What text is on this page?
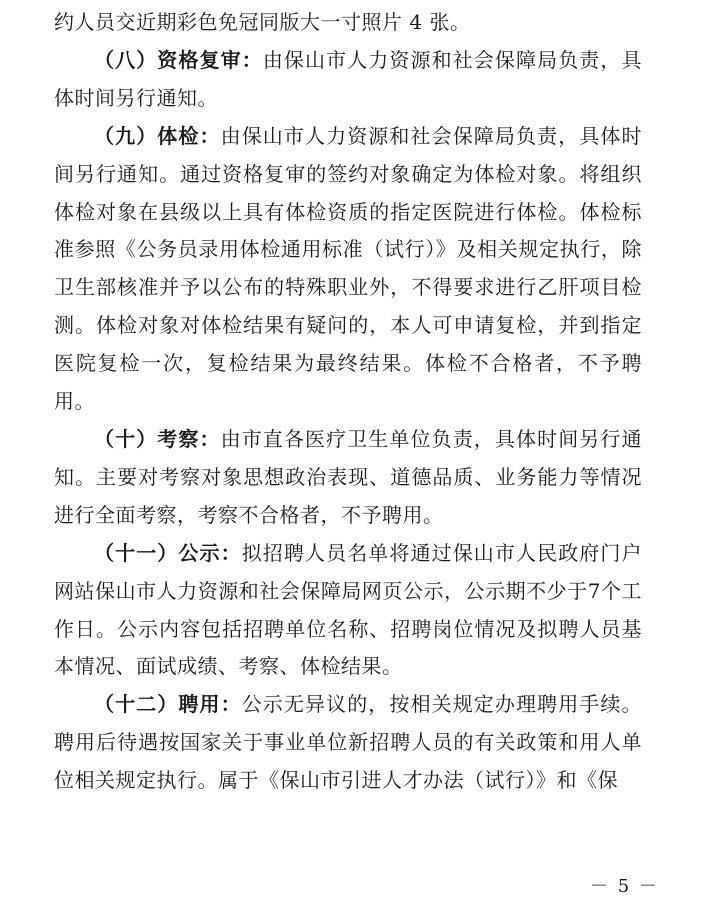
约人员交近期彩色免冠同版大一寸照片 4 张。

（八）资格复审：由保山市人力资源和社会保障局负责，具体时间另行通知。

（九）体检：由保山市人力资源和社会保障局负责，具体时间另行通知。通过资格复审的签约对象确定为体检对象。将组织体检对象在县级以上具有体检资质的指定医院进行体检。体检标准参照《公务员录用体检通用标准（试行）》及相关规定执行，除卫生部核准并予以公布的特殊职业外，不得要求进行乙肝项目检测。体检对象对体检结果有疑问的，本人可申请复检，并到指定医院复检一次，复检结果为最终结果。体检不合格者，不予聘用。

（十）考察：由市直各医疗卫生单位负责，具体时间另行通知。主要对考察对象思想政治表现、道德品质、业务能力等情况进行全面考察，考察不合格者，不予聘用。

（十一）公示：拟招聘人员名单将通过保山市人民政府门户网站保山市人力资源和社会保障局网页公示，公示期不少于7个工作日。公示内容包括招聘单位名称、招聘岗位情况及拟聘人员基本情况、面试成绩、考察、体检结果。

（十二）聘用：公示无异议的，按相关规定办理聘用手续。聘用后待遇按国家关于事业单位新招聘人员的有关政策和用人单位相关规定执行。属于《保山市引进人才办法（试行）》和《保

－ 5 －
